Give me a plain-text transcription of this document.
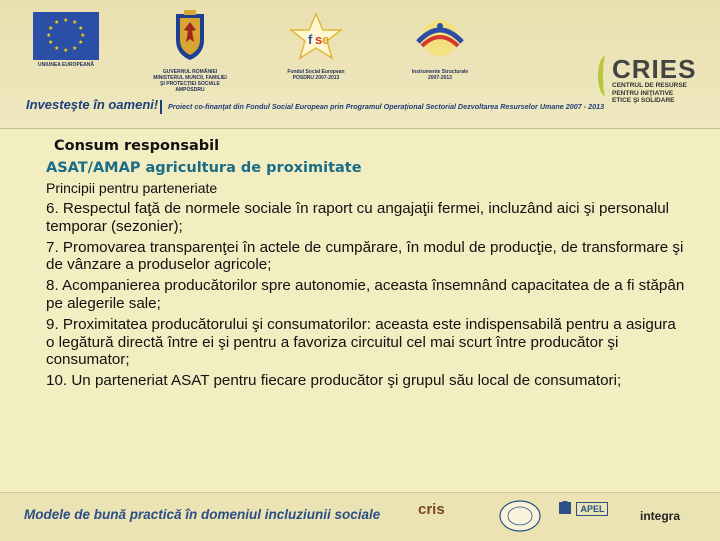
★ ★
★
★
★
★
★
★
★
★
★
★
UNIUNEA EUROPEANĂ
GUVERNUL ROMÂNIEI
MINISTERUL MUNCII, FAMILIEI
ŞI PROTECŢIEI SOCIALE
AMPOSDRU
f s e
Fondul Social European
POSDRU 2007-2013
Instrumente Structurale
2007-2013	CRIES
CENTRUL DE RESURSE
PENTRU INIŢIATIVE
ETICE ŞI SOLIDARE
Investeşte în oameni! Proiect co-finanţat din Fondul Social European prin Programul Operaţional Sectorial Dezvoltarea Resurselor Umane 2007 - 2013
Consum responsabil
ASAT/AMAP agricultura de proximitate
Principii pentru parteneriate

6. Respectul faţă de normele sociale în raport cu angajaţii fermei, incluzând aici şi personalul temporar (sezonier);

7. Promovarea transparenţei în actele de cumpărare, în modul de producţie, de transformare şi de vânzare a produselor agricole;

8. Acompanierea producătorilor spre autonomie, aceasta însemnând capacitatea de a fi stăpân pe alegerile sale;

9. Proximitatea producătorului şi consumatorilor: aceasta este indispensabilă pentru a asigura o legătură directă între ei şi pentru a favoriza circuitul cel mai scurt între producător şi consumator;

10. Un parteneriat ASAT pentru fiecare producător şi grupul său local de consumatori;

Modele de bună practică în domeniul incluziunii sociale	cris	APEL	integra
